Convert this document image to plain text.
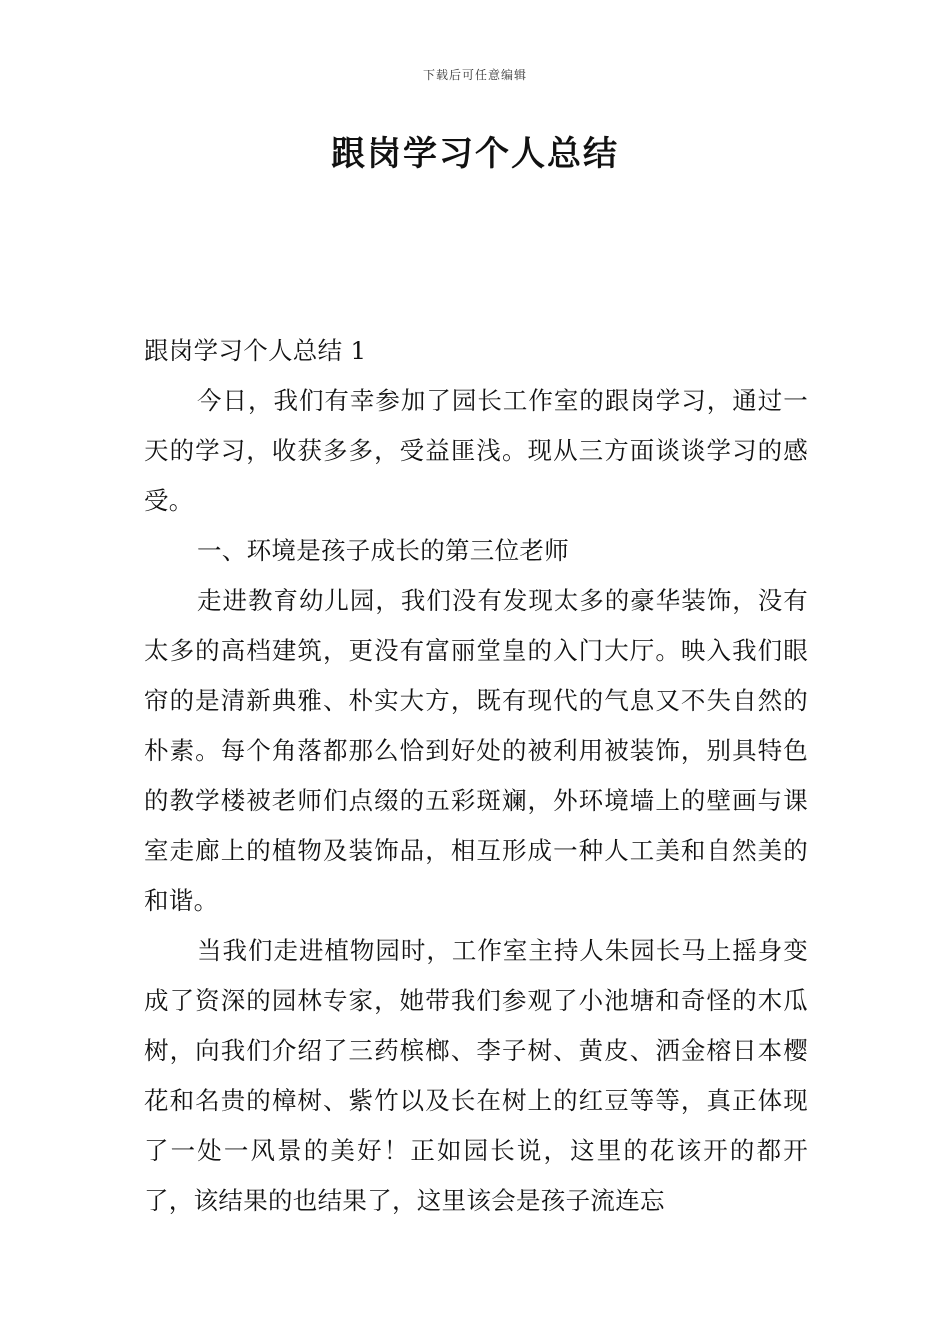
下载后可任意编辑
跟岗学习个人总结

跟岗学习个人总结 1

今日，我们有幸参加了园长工作室的跟岗学习，通过一天的学习，收获多多，受益匪浅。现从三方面谈谈学习的感受。

一、环境是孩子成长的第三位老师

走进教育幼儿园，我们没有发现太多的豪华装饰，没有太多的高档建筑，更没有富丽堂皇的入门大厅。映入我们眼帘的是清新典雅、朴实大方，既有现代的气息又不失自然的朴素。每个角落都那么恰到好处的被利用被装饰，别具特色的教学楼被老师们点缀的五彩斑斓，外环境墙上的壁画与课室走廊上的植物及装饰品，相互形成一种人工美和自然美的和谐。

当我们走进植物园时，工作室主持人朱园长马上摇身变成了资深的园林专家，她带我们参观了小池塘和奇怪的木瓜树，向我们介绍了三药槟榔、李子树、黄皮、洒金榕日本樱花和名贵的樟树、紫竹以及长在树上的红豆等等，真正体现了一处一风景的美好！正如园长说，这里的花该开的都开了，该结果的也结果了，这里该会是孩子流连忘
